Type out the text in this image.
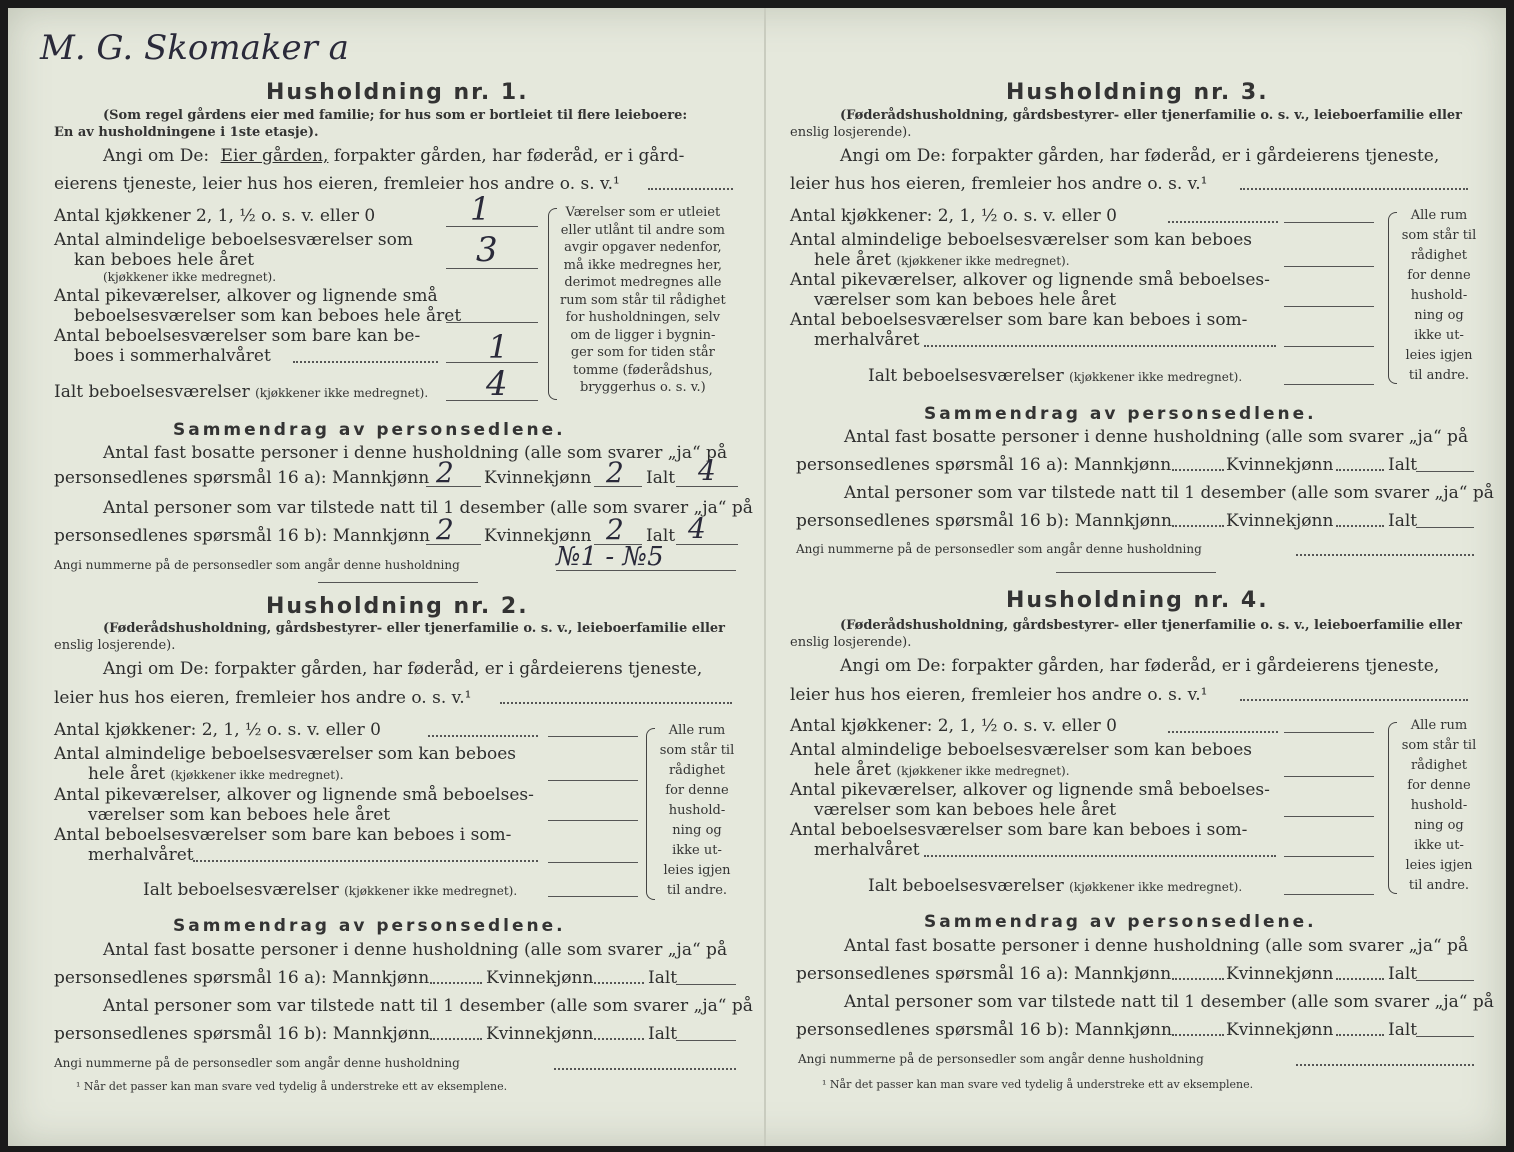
M. G. Skomaker a
Husholdning nr. 1.
(Som regel gårdens eier med familie; for hus som er bortleiet til flere leieboere:
En av husholdningene i 1ste etasje).
Angi om De: Eier gården, forpakter gården, har føderåd, er i gård-
eierens tjeneste, leier hus hos eieren, fremleier hos andre o. s. v.¹
Antal kjøkkener 2, 1, ½ o. s. v. eller 0	1
Antal almindelige beboelsesværelser som
kan beboes hele året
(kjøkkener ikke medregnet).
3
Antal pikeværelser, alkover og lignende små
beboelsesværelser som kan beboes hele året
Antal beboelsesværelser som bare kan be-
boes i sommerhalvåret	1
Ialt beboelsesværelser (kjøkkener ikke medregnet). 4
Værelser som er utleiet
eller utlånt til andre som
avgir opgaver nedenfor,
må ikke medregnes her,
derimot medregnes alle
rum som står til rådighet
for husholdningen, selv
om de ligger i bygnin-
ger som for tiden står
tomme (føderådshus,
bryggerhus o. s. v.)
Sammendrag av personsedlene.
Antal fast bosatte personer i denne husholdning (alle som svarer „ja“ på
personsedlenes spørsmål 16 a): Mannkjønn 2 Kvinnekjønn 2 Ialt 4
Antal personer som var tilstede natt til 1 desember (alle som svarer „ja“ på
personsedlenes spørsmål 16 b): Mannkjønn 2 Kvinnekjønn 2 Ialt 4
Angi nummerne på de personsedler som angår denne husholdning	№1 - №5
Husholdning nr. 2.
(Føderådshusholdning, gårdsbestyrer- eller tjenerfamilie o. s. v., leieboerfamilie eller
enslig losjerende).
Angi om De: forpakter gården, har føderåd, er i gårdeierens tjeneste,
leier hus hos eieren, fremleier hos andre o. s. v.¹
Antal kjøkkener: 2, 1, ½ o. s. v. eller 0
Antal almindelige beboelsesværelser som kan beboes
hele året (kjøkkener ikke medregnet).
Antal pikeværelser, alkover og lignende små beboelses-
værelser som kan beboes hele året
Antal beboelsesværelser som bare kan beboes i som-
merhalvåret
Ialt beboelsesværelser (kjøkkener ikke medregnet).
Alle rum
som står til
rådighet
for denne
hushold-
ning og
ikke ut-
leies igjen
til andre.
Sammendrag av personsedlene.
Antal fast bosatte personer i denne husholdning (alle som svarer „ja“ på
personsedlenes spørsmål 16 a): Mannkjønn	Kvinnekjønn	Ialt
Antal personer som var tilstede natt til 1 desember (alle som svarer „ja“ på
personsedlenes spørsmål 16 b): Mannkjønn	Kvinnekjønn	Ialt
Angi nummerne på de personsedler som angår denne husholdning
¹ Når det passer kan man svare ved tydelig å understreke ett av eksemplene.
Husholdning nr. 3.
(Føderådshusholdning, gårdsbestyrer- eller tjenerfamilie o. s. v., leieboerfamilie eller
enslig losjerende).
Angi om De: forpakter gården, har føderåd, er i gårdeierens tjeneste,
leier hus hos eieren, fremleier hos andre o. s. v.¹
Antal kjøkkener: 2, 1, ½ o. s. v. eller 0
Antal almindelige beboelsesværelser som kan beboes
hele året (kjøkkener ikke medregnet).
Antal pikeværelser, alkover og lignende små beboelses-
værelser som kan beboes hele året
Antal beboelsesværelser som bare kan beboes i som-
merhalvåret
Ialt beboelsesværelser (kjøkkener ikke medregnet).
Alle rum
som står til
rådighet
for denne
hushold-
ning og
ikke ut-
leies igjen
til andre.
Sammendrag av personsedlene.
Antal fast bosatte personer i denne husholdning (alle som svarer „ja“ på
personsedlenes spørsmål 16 a): Mannkjønn	Kvinnekjønn	Ialt
Antal personer som var tilstede natt til 1 desember (alle som svarer „ja“ på
personsedlenes spørsmål 16 b): Mannkjønn	Kvinnekjønn	Ialt
Angi nummerne på de personsedler som angår denne husholdning
Husholdning nr. 4.
(Føderådshusholdning, gårdsbestyrer- eller tjenerfamilie o. s. v., leieboerfamilie eller
enslig losjerende).
Angi om De: forpakter gården, har føderåd, er i gårdeierens tjeneste,
leier hus hos eieren, fremleier hos andre o. s. v.¹
Antal kjøkkener: 2, 1, ½ o. s. v. eller 0
Antal almindelige beboelsesværelser som kan beboes
hele året (kjøkkener ikke medregnet).
Antal pikeværelser, alkover og lignende små beboelses-
værelser som kan beboes hele året
Antal beboelsesværelser som bare kan beboes i som-
merhalvåret
Ialt beboelsesværelser (kjøkkener ikke medregnet).
Alle rum
som står til
rådighet
for denne
hushold-
ning og
ikke ut-
leies igjen
til andre.
Sammendrag av personsedlene.
Antal fast bosatte personer i denne husholdning (alle som svarer „ja“ på
personsedlenes spørsmål 16 a): Mannkjønn	Kvinnekjønn	Ialt
Antal personer som var tilstede natt til 1 desember (alle som svarer „ja“ på
personsedlenes spørsmål 16 b): Mannkjønn	Kvinnekjønn	Ialt
Angi nummerne på de personsedler som angår denne husholdning
¹ Når det passer kan man svare ved tydelig å understreke ett av eksemplene.
